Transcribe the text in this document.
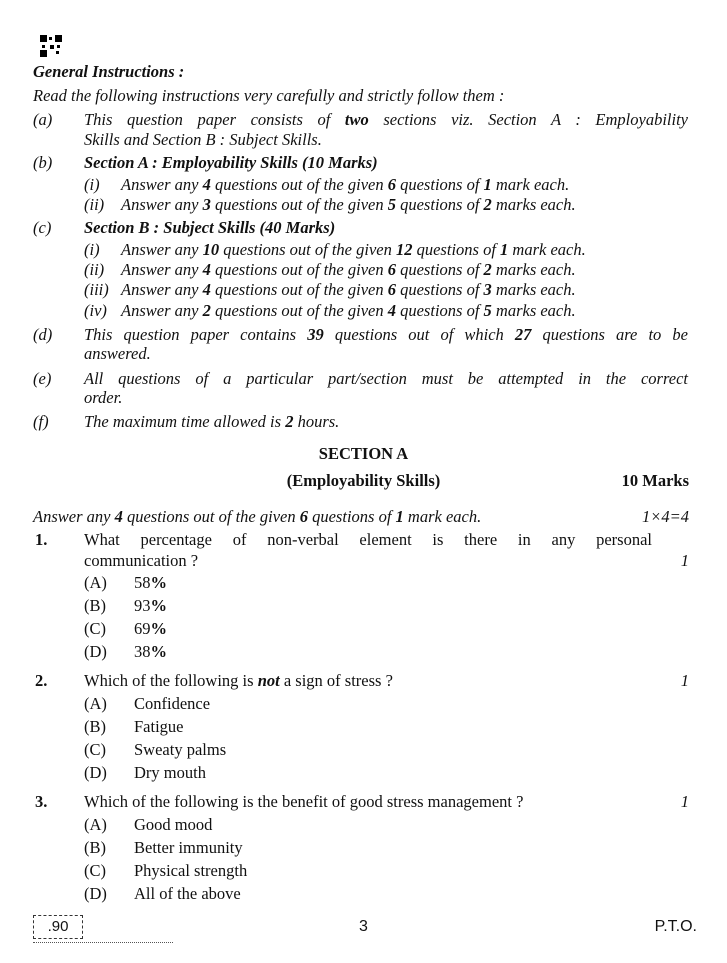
General Instructions :
Read the following instructions very carefully and strictly follow them :
(a) This question paper consists of two sections viz. Section A : Employability
Skills and Section B : Subject Skills.
(b) Section A : Employability Skills (10 Marks)
(i) Answer any 4 questions out of the given 6 questions of 1 mark each.
(ii) Answer any 3 questions out of the given 5 questions of 2 marks each.
(c) Section B : Subject Skills (40 Marks)
(i) Answer any 10 questions out of the given 12 questions of 1 mark each.
(ii) Answer any 4 questions out of the given 6 questions of 2 marks each.
(iii) Answer any 4 questions out of the given 6 questions of 3 marks each.
(iv) Answer any 2 questions out of the given 4 questions of 5 marks each.
(d) This question paper contains 39 questions out of which 27 questions are to be
answered.
(e) All questions of a particular part/section must be attempted in the correct
order.
(f) The maximum time allowed is 2 hours.
SECTION A
(Employability Skills)	10 Marks
Answer any 4 questions out of the given 6 questions of 1 mark each.	1×4=4
1. What percentage of non-verbal element is there in any personal
communication ?	1
(A) 58%
(B) 93%
(C) 69%
(D) 38%
2. Which of the following is not a sign of stress ?	1
(A) Confidence
(B) Fatigue
(C) Sweaty palms
(D) Dry mouth
3. Which of the following is the benefit of good stress management ?	1
(A) Good mood
(B) Better immunity
(C) Physical strength
(D) All of the above
.90	3	P.T.O.
